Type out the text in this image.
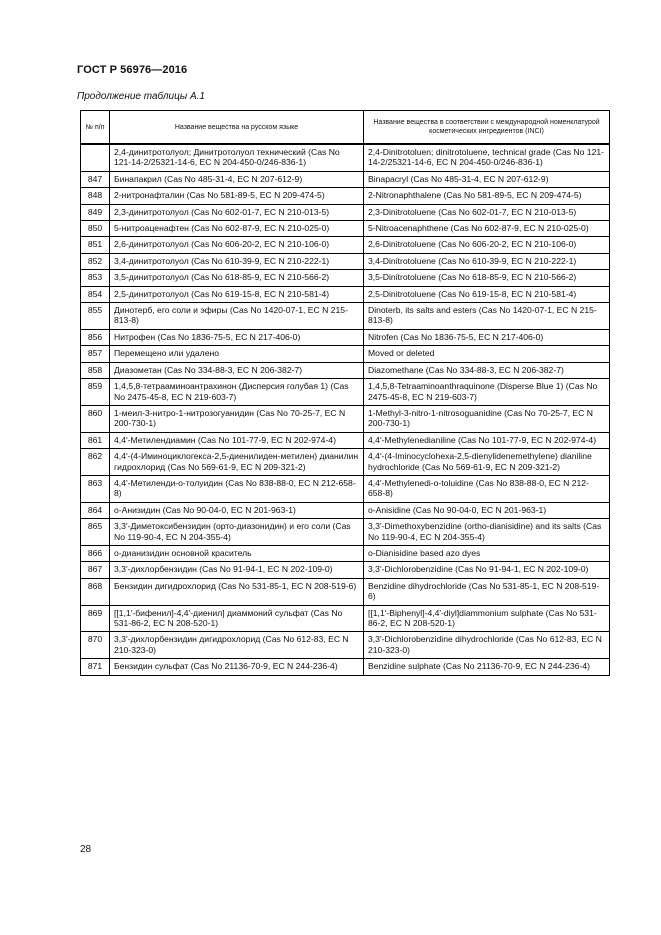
ГОСТ Р 56976—2016
Продолжение таблицы А.1
№ п/п	Название вещества на русском языке	Название вещества в соответствии с международной номенклатурой косметических ингредиентов (INCI)
	2,4-динитротолуол; Динитротолуол технический (Cas No 121-14-2/25321-14-6, EC N 204-450-0/246-836-1)	2,4-Dinitrotoluen; dinitrotoluene, technical grade (Cas No 121-14-2/25321-14-6, EC N 204-450-0/246-836-1)
847	Бинапакрил (Cas No 485-31-4, EC N 207-612-9)	Binapacryl (Cas No 485-31-4, EC N 207-612-9)
848	2-нитронафталин (Cas No 581-89-5, EC N 209-474-5)	2-Nitronaphthalene (Cas No 581-89-5, EC N 209-474-5)
849	2,3-динитротолуол (Cas No 602-01-7, EC N 210-013-5)	2,3-Dinitrotoluene (Cas No 602-01-7, EC N 210-013-5)
850	5-нитроаценафтен (Cas No 602-87-9, EC N 210-025-0)	5-Nitroacenaphthene (Cas No 602-87-9, EC N 210-025-0)
851	2,6-динитротолуол (Cas No 606-20-2, EC N 210-106-0)	2,6-Dinitrotoluene (Cas No 606-20-2, EC N 210-106-0)
852	3,4-динитротолуол (Cas No 610-39-9, EC N 210-222-1)	3,4-Dinitrotoluene (Cas No 610-39-9, EC N 210-222-1)
853	3,5-динитротолуол (Cas No 618-85-9, EC N 210-566-2)	3,5-Dinitrotoluene (Cas No 618-85-9, EC N 210-566-2)
854	2,5-динитротолуол (Cas No 619-15-8, EC N 210-581-4)	2,5-Dinitrotoluene (Cas No 619-15-8, EC N 210-581-4)
855	Динотерб, его соли и эфиры (Cas No 1420-07-1, EC N 215-813-8)	Dinoterb, its salts and esters (Cas No 1420-07-1, EC N 215-813-8)
856	Нитрофен (Cas No 1836-75-5, EC N 217-406-0)	Nitrofen (Cas No 1836-75-5, EC N 217-406-0)
857	Перемещено или удалено	Moved or deleted
858	Диазометан (Cas No 334-88-3, EC N 206-382-7)	Diazomethane (Cas No 334-88-3, EC N 206-382-7)
859	1,4,5,8-тетрааминоантрахинон (Дисперсия голубая 1) (Cas No 2475-45-8, EC N 219-603-7)	1,4,5,8-Tetraaminoanthraquinone (Disperse Blue 1) (Cas No 2475-45-8, EC N 219-603-7)
860	1-меил-3-нитро-1-нитрозогуанидин (Cas No 70-25-7, EC N 200-730-1)	1-Methyl-3-nitro-1-nitrosoguanidine (Cas No 70-25-7, EC N 200-730-1)
861	4,4'-Метилендиамин (Cas No 101-77-9, EC N 202-974-4)	4,4'-Methylenedianiline (Cas No 101-77-9, EC N 202-974-4)
862	4,4'-(4-Иминоциклогекса-2,5-диенилиден-метилен) дианилин гидрохлорид (Cas No 569-61-9, EC N 209-321-2)	4,4'-(4-Iminocyclohexa-2,5-dienylidenemethylene) dianiline hydrochloride (Cas No 569-61-9, EC N 209-321-2)
863	4,4'-Метиленди-о-толуидин (Cas No 838-88-0, EC N 212-658-8)	4,4'-Methylenedi-o-toluidine (Cas No 838-88-0, EC N 212-658-8)
864	о-Анизидин (Cas No 90-04-0, EC N 201-963-1)	o-Anisidine (Cas No 90-04-0, EC N 201-963-1)
865	3,3'-Диметоксибензидин (орто-диазонидин) и его соли (Cas No 119-90-4, EC N 204-355-4)	3,3'-Dimethoxybenzidine (ortho-dianisidine) and its salts (Cas No 119-90-4, EC N 204-355-4)
866	о-дианизидин основной краситель	o-Dianisidine based azo dyes
867	3,3'-дихлорбензидин (Cas No 91-94-1, EC N 202-109-0)	3,3'-Dichlorobenzidine (Cas No 91-94-1, EC N 202-109-0)
868	Бензидин дигидрохлорид (Cas No 531-85-1, EC N 208-519-6)	Benzidine dihydrochloride (Cas No 531-85-1, EC N 208-519-6)
869	[[1,1'-бифенил]-4,4'-диенил] диаммоний сульфат (Cas No 531-86-2, EC N 208-520-1)	[[1,1'-Biphenyl]-4,4'-diyl]diammonium sulphate (Cas No 531-86-2, EC N 208-520-1)
870	3,3'-дихлорбензидин дигидрохлорид (Cas No 612-83, EC N 210-323-0)	3,3'-Dichlorobenzidine dihydrochloride (Cas No 612-83, EC N 210-323-0)
871	Бензидин сульфат (Cas No 21136-70-9, EC N 244-236-4)	Benzidine sulphate (Cas No 21136-70-9, EC N 244-236-4)
28
